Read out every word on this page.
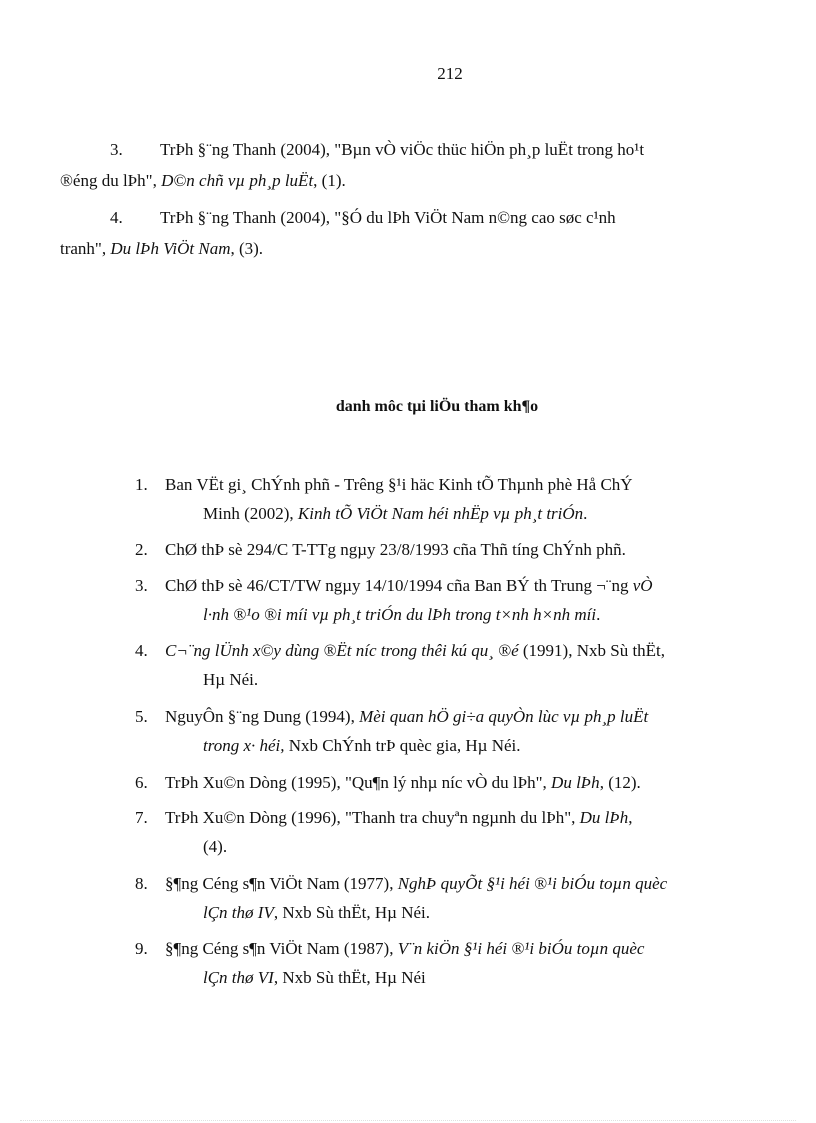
212
3.	TrÞh §¨ng Thanh (2004), "Bµn vÒ viÖc thüc hiÖn ph¸p luËt trong ho¹t
®éng du lÞh", D©n chñ vµ ph¸p luËt, (1).
4.	TrÞh §¨ng Thanh (2004), "§Ó du lÞh ViÖt Nam n©ng cao søc c¹nh
tranh", Du lÞh ViÖt Nam, (3).
danh môc tµi liÖu tham kh¶o
1. Ban VËt gi¸ ChÝnh phñ - Trêng §¹i häc Kinh tÕ Thµnh phè Hå ChÝ
Minh (2002), Kinh tÕ ViÖt Nam héi nhËp vµ ph¸t triÓn.
2. ChØ thÞ sè 294/C T-TTg ngµy 23/8/1993 cña Thñ tíng ChÝnh phñ.
3. ChØ thÞ sè 46/CT/TW ngµy 14/10/1994 cña Ban BÝ th Trung ¬¨ng vÒ
l·nh ®¹o ®i míi vµ ph¸t triÓn du lÞh trong t×nh h×nh míi.
4. C¬¨ng lÜnh x©y dùng ®Ët níc trong thêi kú qu¸ ®é (1991), Nxb Sù thËt,
Hµ Néi.
5. NguyÔn §¨ng Dung (1994), Mèi quan hÖ gi÷a quyÒn lùc vµ ph¸p luËt
trong x· héi, Nxb ChÝnh trÞ quèc gia, Hµ Néi.
6. TrÞh Xu©n Dòng (1995), "Qu¶n lý nhµ níc vÒ du lÞh", Du lÞh, (12).
7. TrÞh Xu©n Dòng (1996), "Thanh tra chuyªn ngµnh du lÞh", Du lÞh,
(4).
8. §¶ng Céng s¶n ViÖt Nam (1977), NghÞ quyÕt §¹i héi ®¹i biÓu toµn quèc
lÇn thø IV, Nxb Sù thËt, Hµ Néi.
9. §¶ng Céng s¶n ViÖt Nam (1987), V¨n kiÖn §¹i héi ®¹i biÓu toµn quèc
lÇn thø VI, Nxb Sù thËt, Hµ Néi
